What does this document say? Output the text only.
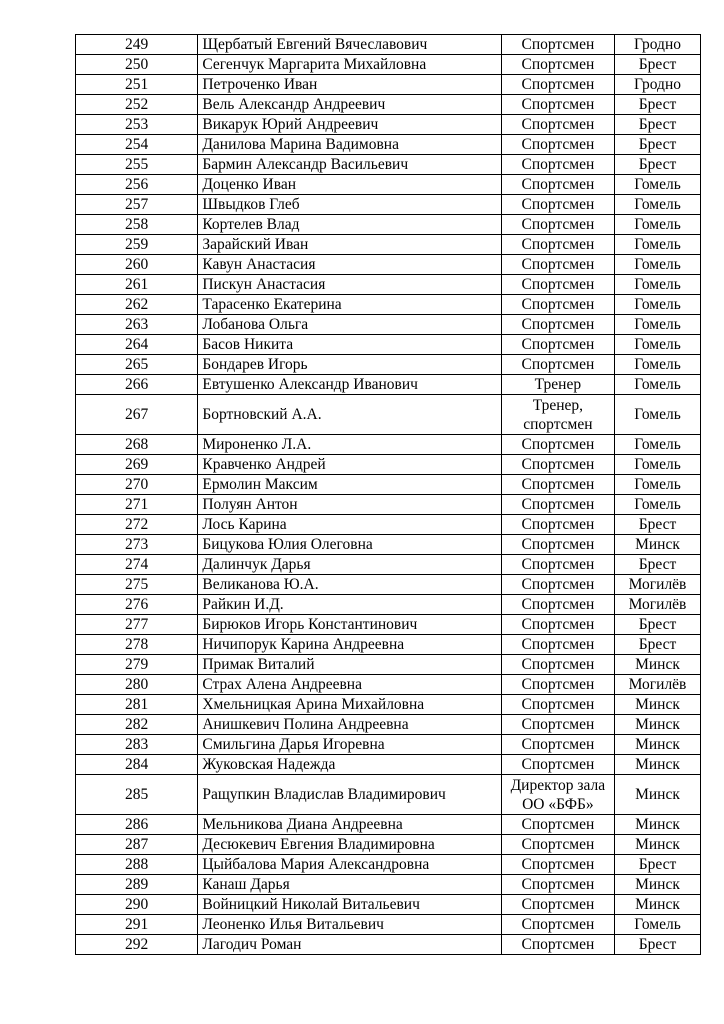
249	Щербатый Евгений Вячеславович	Спортсмен	Гродно
250	Сегенчук Маргарита Михайловна	Спортсмен	Брест
251	Петроченко Иван	Спортсмен	Гродно
252	Вель Александр Андреевич	Спортсмен	Брест
253	Викарук Юрий Андреевич	Спортсмен	Брест
254	Данилова Марина Вадимовна	Спортсмен	Брест
255	Бармин Александр Васильевич	Спортсмен	Брест
256	Доценко Иван	Спортсмен	Гомель
257	Швыдков Глеб	Спортсмен	Гомель
258	Кортелев Влад	Спортсмен	Гомель
259	Зарайский Иван	Спортсмен	Гомель
260	Кавун Анастасия	Спортсмен	Гомель
261	Пискун Анастасия	Спортсмен	Гомель
262	Тарасенко Екатерина	Спортсмен	Гомель
263	Лобанова Ольга	Спортсмен	Гомель
264	Басов Никита	Спортсмен	Гомель
265	Бондарев Игорь	Спортсмен	Гомель
266	Евтушенко Александр Иванович	Тренер	Гомель
267	Бортновский А.А.	Тренер, спортсмен	Гомель
268	Мироненко Л.А.	Спортсмен	Гомель
269	Кравченко Андрей	Спортсмен	Гомель
270	Ермолин Максим	Спортсмен	Гомель
271	Полуян Антон	Спортсмен	Гомель
272	Лось Карина	Спортсмен	Брест
273	Бицукова Юлия Олеговна	Спортсмен	Минск
274	Далинчук Дарья	Спортсмен	Брест
275	Великанова Ю.А.	Спортсмен	Могилёв
276	Райкин И.Д.	Спортсмен	Могилёв
277	Бирюков Игорь Константинович	Спортсмен	Брест
278	Ничипорук Карина Андреевна	Спортсмен	Брест
279	Примак Виталий	Спортсмен	Минск
280	Страх Алена Андреевна	Спортсмен	Могилёв
281	Хмельницкая Арина Михайловна	Спортсмен	Минск
282	Анишкевич Полина Андреевна	Спортсмен	Минск
283	Смильгина Дарья Игоревна	Спортсмен	Минск
284	Жуковская Надежда	Спортсмен	Минск
285	Ращупкин Владислав Владимирович	Директор зала ОО «БФБ»	Минск
286	Мельникова Диана Андреевна	Спортсмен	Минск
287	Десюкевич Евгения Владимировна	Спортсмен	Минск
288	Цыйбалова Мария Александровна	Спортсмен	Брест
289	Канаш Дарья	Спортсмен	Минск
290	Войницкий Николай Витальевич	Спортсмен	Минск
291	Леоненко Илья Витальевич	Спортсмен	Гомель
292	Лагодич Роман	Спортсмен	Брест
